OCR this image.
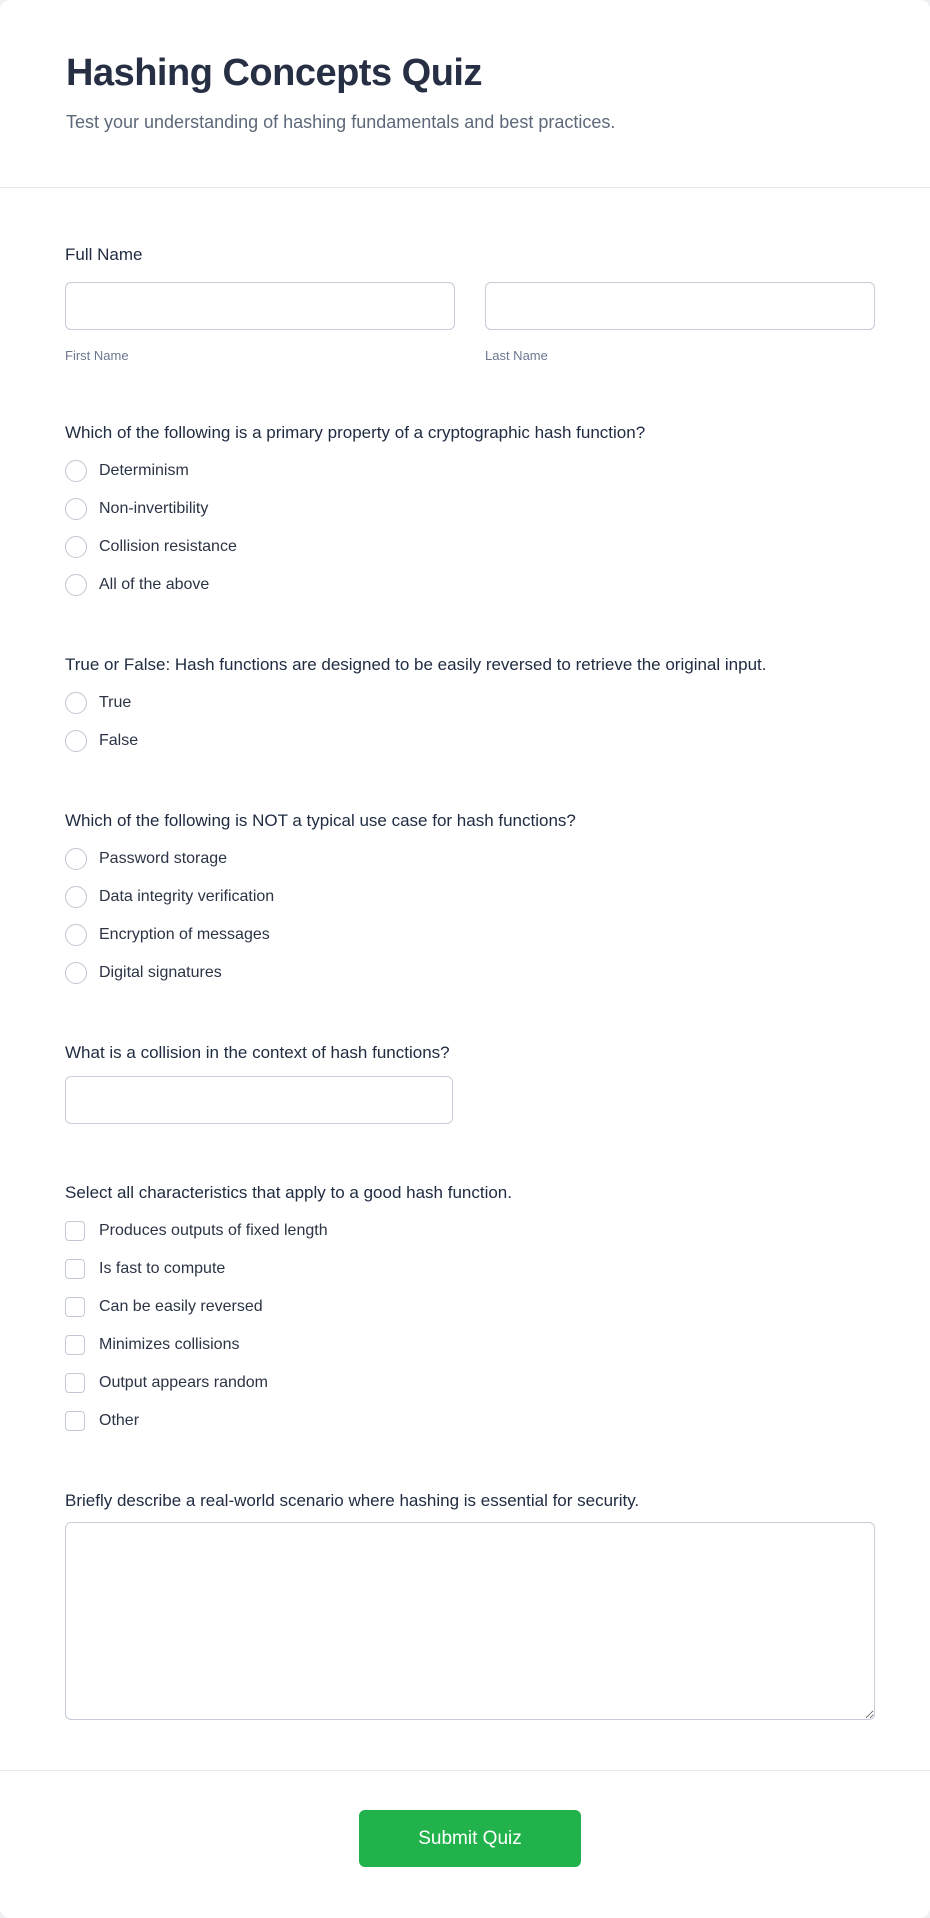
Hashing Concepts Quiz
Test your understanding of hashing fundamentals and best practices.
Full Name
First Name	Last Name
Which of the following is a primary property of a cryptographic hash function?
Determinism
Non-invertibility
Collision resistance
All of the above
True or False: Hash functions are designed to be easily reversed to retrieve the original input.
True
False
Which of the following is NOT a typical use case for hash functions?
Password storage
Data integrity verification
Encryption of messages
Digital signatures
What is a collision in the context of hash functions?
Select all characteristics that apply to a good hash function.
Produces outputs of fixed length
Is fast to compute
Can be easily reversed
Minimizes collisions
Output appears random
Other
Briefly describe a real-world scenario where hashing is essential for security.
Submit Quiz
